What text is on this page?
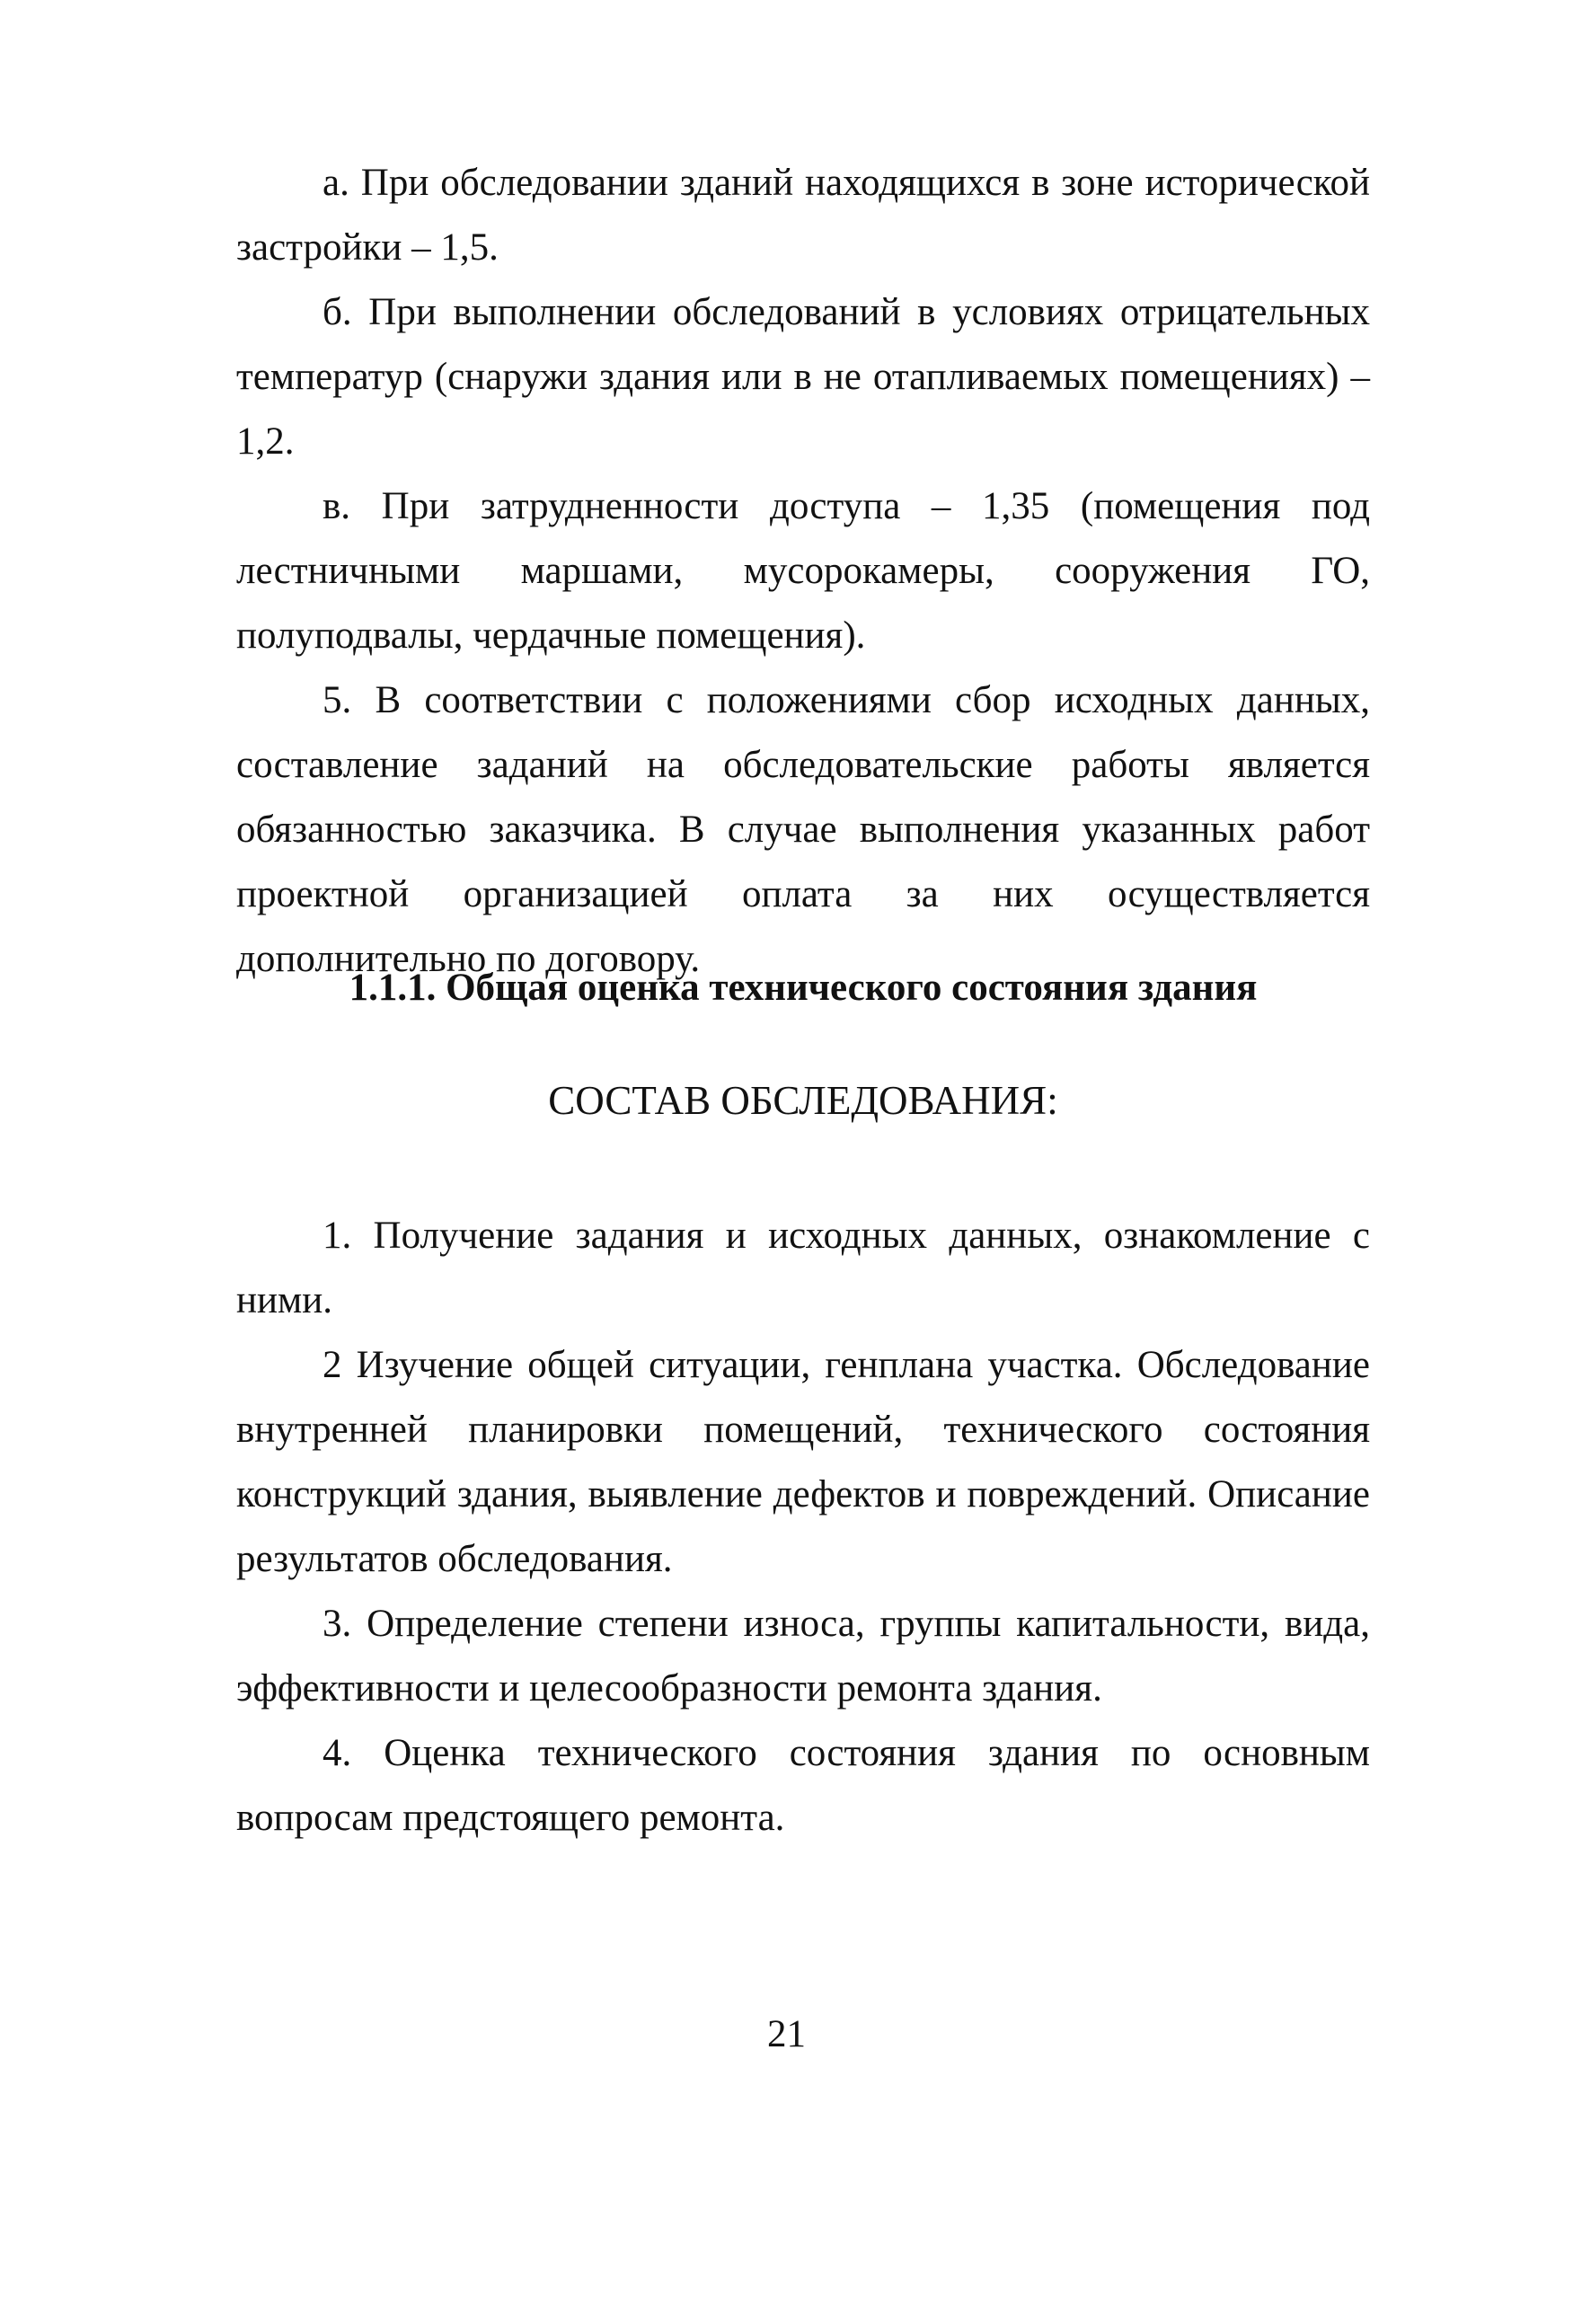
а. При обследовании зданий находящихся в зоне исторической застройки – 1,5.

б. При выполнении обследований в условиях отрицательных температур (снаружи здания или в не отапливаемых помещениях) – 1,2.

в. При затрудненности доступа – 1,35 (помещения под лестничными маршами, мусорокамеры, сооружения ГО, полуподвалы, чердачные помещения).

5. В соответствии с положениями сбор исходных данных, составление заданий на обследовательские работы является обязанностью заказчика. В случае выполнения указанных работ проектной организацией оплата за них осуществляется дополнительно по договору.

1.1.1. Общая оценка технического состояния здания
СОСТАВ ОБСЛЕДОВАНИЯ:

1. Получение задания и исходных данных, ознакомление с ними.

2 Изучение общей ситуации, генплана участка. Обследование внутренней планировки помещений, технического состояния конструкций здания, выявление дефектов и повреждений. Описание результатов обследования.

3. Определение степени износа, группы капитальности, вида, эффективности и целесообразности ремонта здания.

4. Оценка технического состояния здания по основным вопросам предстоящего ремонта.

21
